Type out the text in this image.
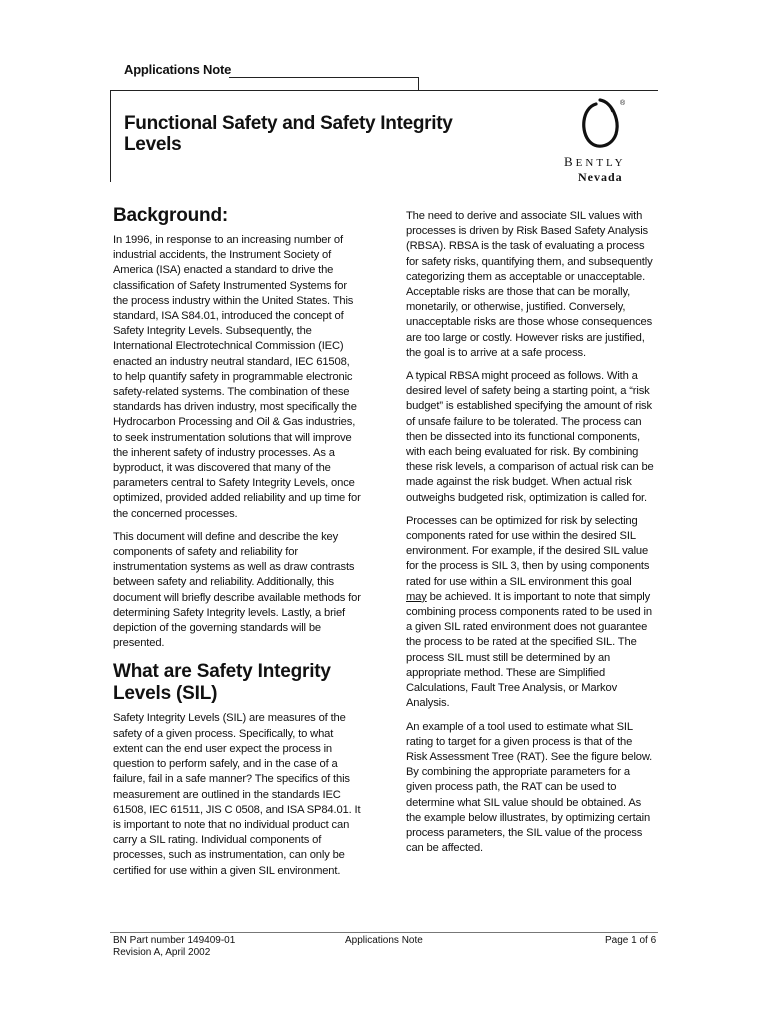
Applications Note
Functional Safety and Safety Integrity Levels
®
BENTLY
Nevada
Background:

In 1996, in response to an increasing number of industrial accidents, the Instrument Society of America (ISA) enacted a standard to drive the classification of Safety Instrumented Systems for the process industry within the United States. This standard, ISA S84.01, introduced the concept of Safety Integrity Levels. Subsequently, the International Electrotechnical Commission (IEC) enacted an industry neutral standard, IEC 61508, to help quantify safety in programmable electronic safety-related systems. The combination of these standards has driven industry, most specifically the Hydrocarbon Processing and Oil & Gas industries, to seek instrumentation solutions that will improve the inherent safety of industry processes. As a byproduct, it was discovered that many of the parameters central to Safety Integrity Levels, once optimized, provided added reliability and up time for the concerned processes.

This document will define and describe the key components of safety and reliability for instrumentation systems as well as draw contrasts between safety and reliability. Additionally, this document will briefly describe available methods for determining Safety Integrity levels. Lastly, a brief depiction of the governing standards will be presented.

What are Safety Integrity Levels (SIL)

Safety Integrity Levels (SIL) are measures of the safety of a given process. Specifically, to what extent can the end user expect the process in question to perform safely, and in the case of a failure, fail in a safe manner? The specifics of this measurement are outlined in the standards IEC 61508, IEC 61511, JIS C 0508, and ISA SP84.01. It is important to note that no individual product can carry a SIL rating. Individual components of processes, such as instrumentation, can only be certified for use within a given SIL environment.

The need to derive and associate SIL values with processes is driven by Risk Based Safety Analysis (RBSA). RBSA is the task of evaluating a process for safety risks, quantifying them, and subsequently categorizing them as acceptable or unacceptable. Acceptable risks are those that can be morally, monetarily, or otherwise, justified. Conversely, unacceptable risks are those whose consequences are too large or costly. However risks are justified, the goal is to arrive at a safe process.

A typical RBSA might proceed as follows. With a desired level of safety being a starting point, a “risk budget” is established specifying the amount of risk of unsafe failure to be tolerated. The process can then be dissected into its functional components, with each being evaluated for risk. By combining these risk levels, a comparison of actual risk can be made against the risk budget. When actual risk outweighs budgeted risk, optimization is called for.

Processes can be optimized for risk by selecting components rated for use within the desired SIL environment. For example, if the desired SIL value for the process is SIL 3, then by using components rated for use within a SIL environment this goal may be achieved. It is important to note that simply combining process components rated to be used in a given SIL rated environment does not guarantee the process to be rated at the specified SIL. The process SIL must still be determined by an appropriate method. These are Simplified Calculations, Fault Tree Analysis, or Markov Analysis.

An example of a tool used to estimate what SIL rating to target for a given process is that of the Risk Assessment Tree (RAT). See the figure below. By combining the appropriate parameters for a given process path, the RAT can be used to determine what SIL value should be obtained. As the example below illustrates, by optimizing certain process parameters, the SIL value of the process can be affected.

BN Part number 149409-01
Revision A, April 2002
Applications Note	Page 1 of 6
